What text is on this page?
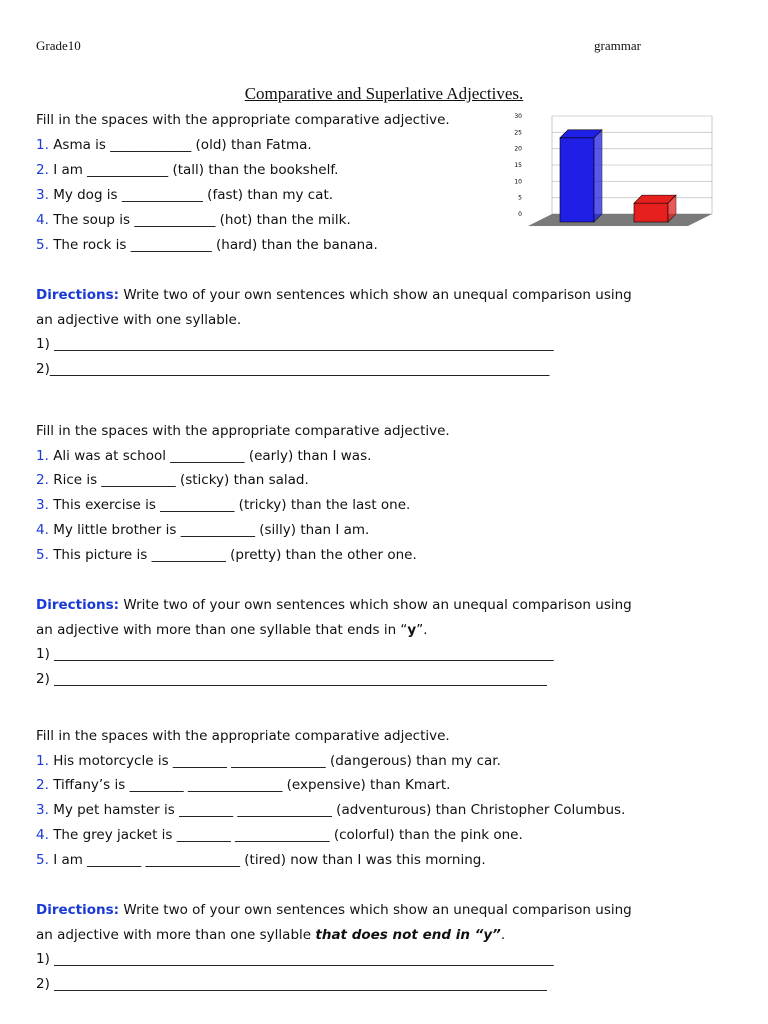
Grade10	grammar
Comparative and Superlative Adjectives.
Fill in the spaces with the appropriate comparative adjective.
1. Asma is ____________ (old) than Fatma.
2. I am ____________ (tall) than the bookshelf.
3. My dog is ____________ (fast) than my cat.
4. The soup is ____________ (hot) than the milk.
5. The rock is ____________ (hard) than the banana.
Directions: Write two of your own sentences which show an unequal comparison using
an adjective with one syllable.
1) __________________________________________________________________________
2)__________________________________________________________________________
Fill in the spaces with the appropriate comparative adjective.
1. Ali was at school ___________ (early) than I was.
2. Rice is ___________ (sticky) than salad.
3. This exercise is ___________ (tricky) than the last one.
4. My little brother is ___________ (silly) than I am.
5. This picture is ___________ (pretty) than the other one.
Directions: Write two of your own sentences which show an unequal comparison using
an adjective with more than one syllable that ends in “y”.
1) __________________________________________________________________________
2) _________________________________________________________________________
Fill in the spaces with the appropriate comparative adjective.
1. His motorcycle is ________ ______________ (dangerous) than my car.
2. Tiffany’s is ________ ______________ (expensive) than Kmart.
3. My pet hamster is ________ ______________ (adventurous) than Christopher Columbus.
4. The grey jacket is ________ ______________ (colorful) than the pink one.
5. I am ________ ______________ (tired) now than I was this morning.
Directions: Write two of your own sentences which show an unequal comparison using
an adjective with more than one syllable that does not end in “y”.
1) __________________________________________________________________________
2) _________________________________________________________________________
0
5
10
15
20
25
30
